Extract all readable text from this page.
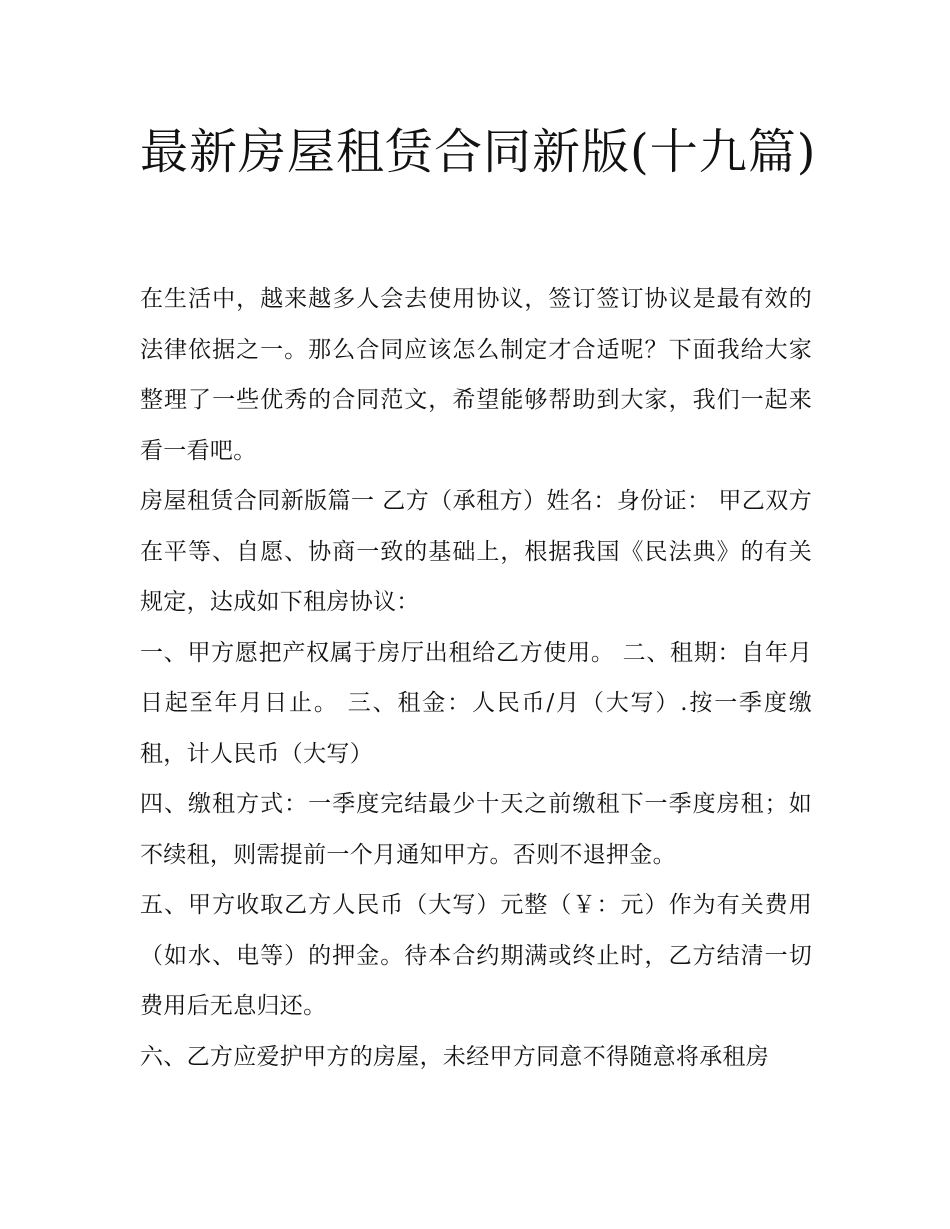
最新房屋租赁合同新版(十九篇)

在生活中，越来越多人会去使用协议，签订签订协议是最有效的法律依据之一。那么合同应该怎么制定才合适呢？下面我给大家整理了一些优秀的合同范文，希望能够帮助到大家，我们一起来看一看吧。

房屋租赁合同新版篇一 乙方（承租方）姓名：身份证： 甲乙双方在平等、自愿、协商一致的基础上，根据我国《民法典》的有关规定，达成如下租房协议：

一、甲方愿把产权属于房厅出租给乙方使用。 二、租期：自年月日起至年月日止。 三、租金：人民币/月（大写）.按一季度缴租，计人民币（大写）

四、缴租方式：一季度完结最少十天之前缴租下一季度房租；如不续租，则需提前一个月通知甲方。否则不退押金。

五、甲方收取乙方人民币（大写）元整（￥：元）作为有关费用（如水、电等）的押金。待本合约期满或终止时，乙方结清一切费用后无息归还。

六、乙方应爱护甲方的房屋，未经甲方同意不得随意将承租房
